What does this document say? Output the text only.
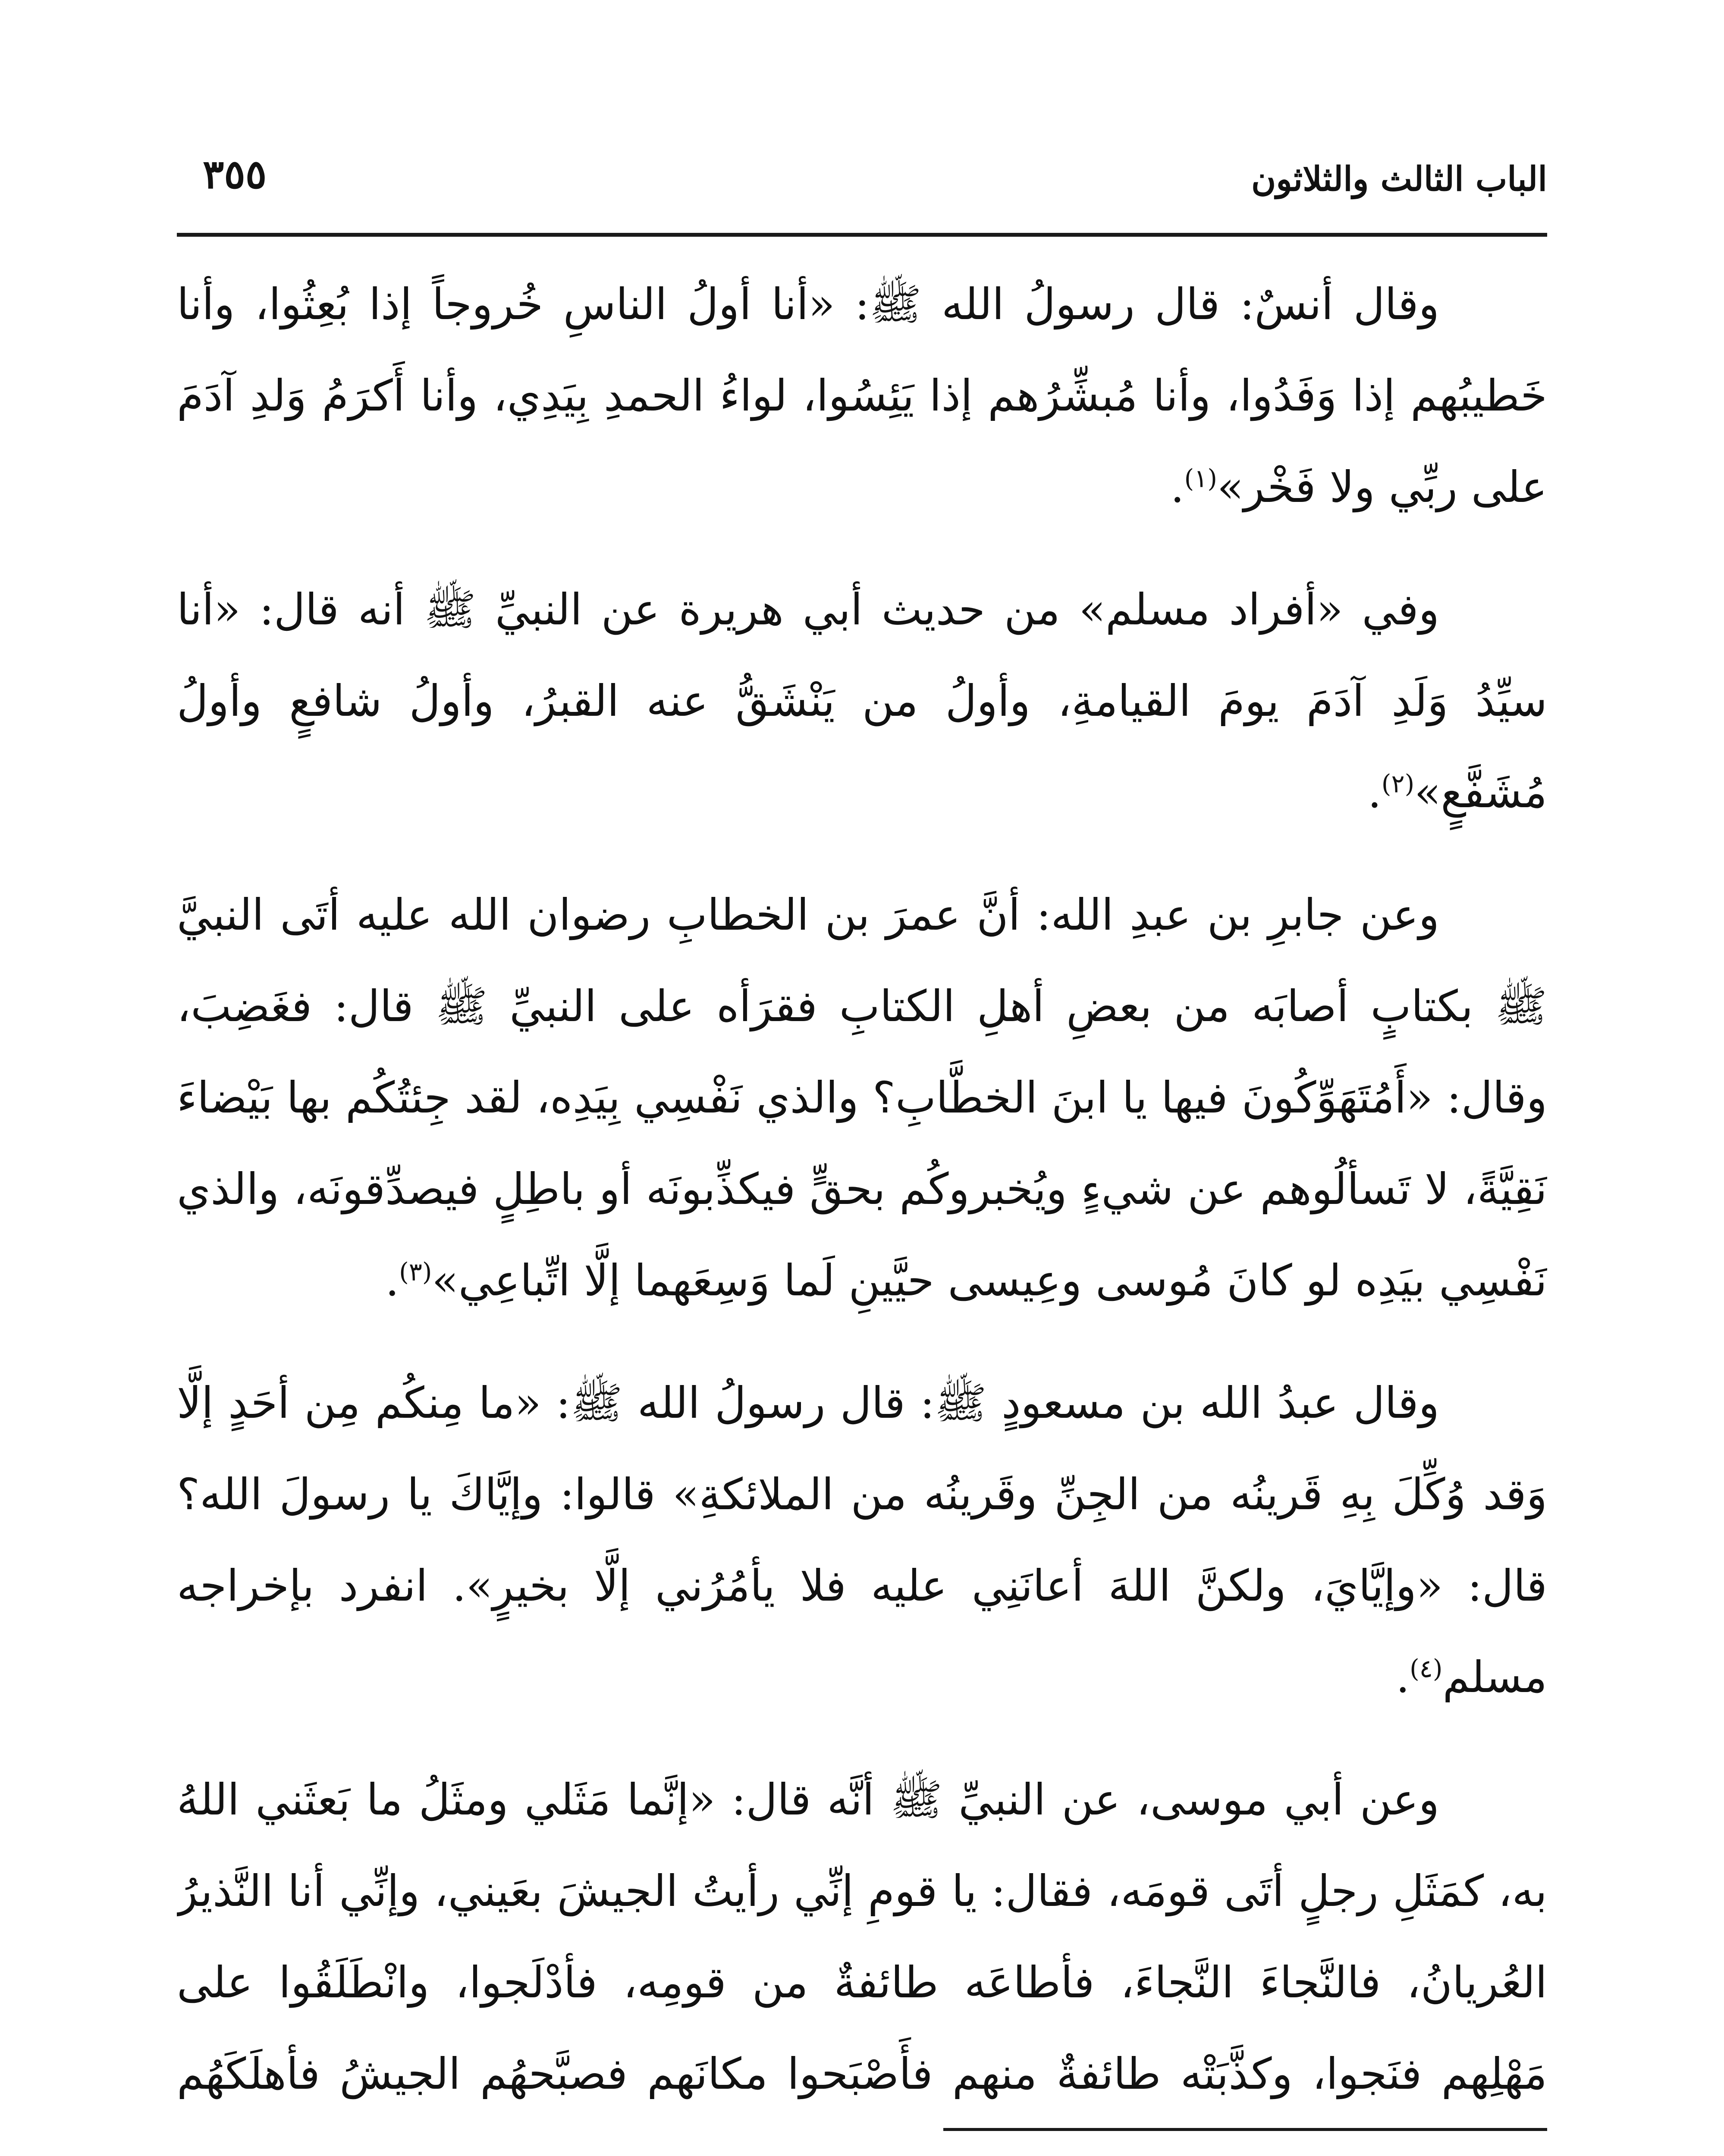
الباب الثالث والثلاثون
٣٥٥

وقال أنسٌ: قال رسولُ الله ﷺ: «أنا أولُ الناسِ خُروجاً إذا بُعِثُوا، وأنا خَطيبُهم إذا وَفَدُوا، وأنا مُبشِّرُهم إذا يَئِسُوا، لواءُ الحمدِ بِيَدِي، وأنا أَكرَمُ وَلدِ آدَمَ على ربِّي ولا فَخْر»$^{(١)}$.

وفي «أفراد مسلم» من حديث أبي هريرة عن النبيِّ ﷺ أنه قال: «أنا سيِّدُ وَلَدِ آدَمَ يومَ القيامةِ، وأولُ من يَنْشَقُّ عنه القبرُ، وأولُ شافعٍ وأولُ مُشَفَّعٍ»$^{(٢)}$.

وعن جابرِ بن عبدِ الله: أنَّ عمرَ بن الخطابِ رضوان الله عليه أتَى النبيَّ ﷺ بكتابٍ أصابَه من بعضِ أهلِ الكتابِ فقرَأه على النبيِّ ﷺ قال: فغَضِبَ، وقال: «أَمُتَهَوِّكُونَ فيها يا ابنَ الخطَّابِ؟ والذي نَفْسِي بِيَدِه، لقد جِئتُكُم بها بَيْضاءَ نَقِيَّةً، لا تَسألُوهم عن شيءٍ ويُخبروكُم بحقٍّ فيكذِّبونَه أو باطِلٍ فيصدِّقونَه، والذي نَفْسِي بيَدِه لو كانَ مُوسى وعِيسى حيَّينِ لَما وَسِعَهما إلَّا اتِّباعِي»$^{(٣)}$.

وقال عبدُ الله بن مسعودٍ ﷺ: قال رسولُ الله ﷺ: «ما مِنكُم مِن أحَدٍ إلَّا وَقد وُكِّلَ بِهِ قَرينُه من الجِنِّ وقَرينُه من الملائكةِ» قالوا: وإيَّاكَ يا رسولَ الله؟ قال: «وإيَّايَ، ولكنَّ اللهَ أعانَنِي عليه فلا يأمُرُني إلَّا بخيرٍ». انفرد بإخراجه مسلم$^{(٤)}$.

وعن أبي موسى، عن النبيِّ ﷺ أنَّه قال: «إنَّما مَثَلي ومثَلُ ما بَعثَني اللهُ به، كمَثَلِ رجلٍ أتَى قومَه، فقال: يا قومِ إنِّي رأيتُ الجيشَ بعَيني، وإنِّي أنا النَّذيرُ العُريانُ، فالنَّجاءَ النَّجاءَ، فأطاعَه طائفةٌ من قومِه، فأدْلَجوا، وانْطَلَقُوا على مَهْلِهم فنَجوا، وكذَّبَتْه طائفةٌ منهم فأَصْبَحوا مكانَهم فصبَّحهُم الجيشُ فأهلَكَهُم
